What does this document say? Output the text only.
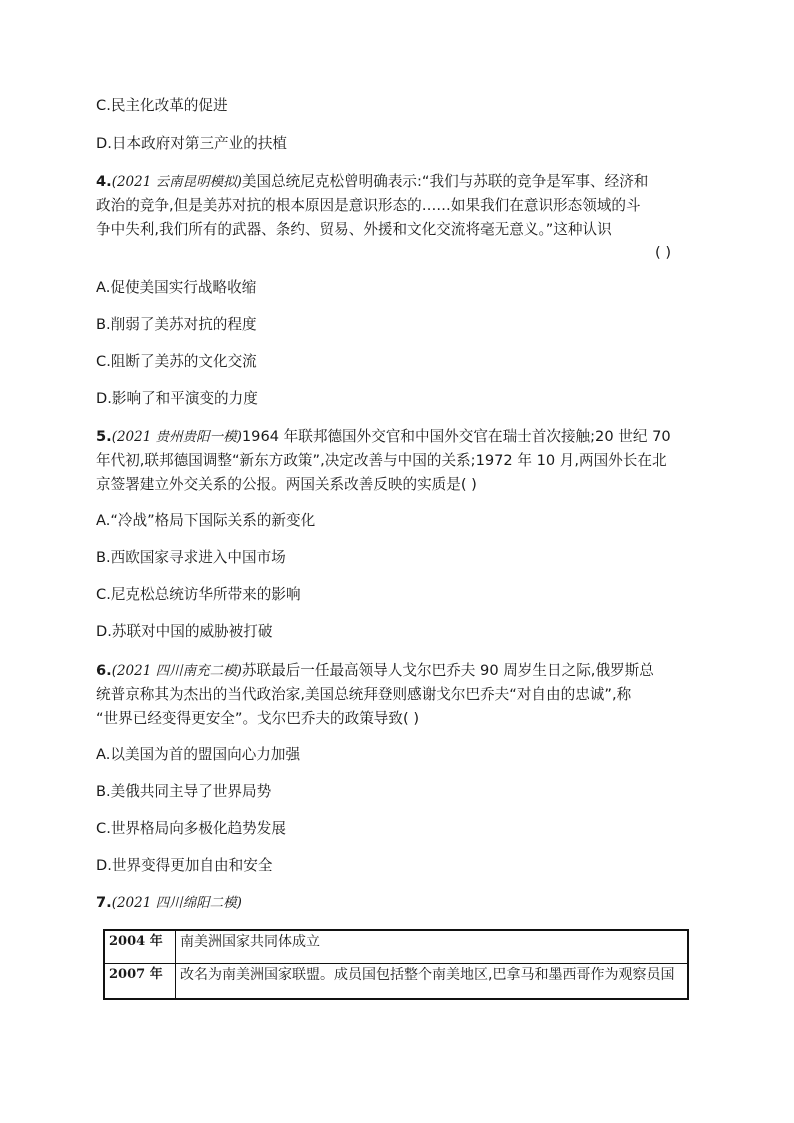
C.民主化改革的促进
D.日本政府对第三产业的扶植
4.(2021 云南昆明模拟)美国总统尼克松曾明确表示:“我们与苏联的竞争是军事、经济和
政治的竞争,但是美苏对抗的根本原因是意识形态的……如果我们在意识形态领域的斗
争中失利,我们所有的武器、条约、贸易、外援和文化交流将毫无意义。”这种认识
( )
A.促使美国实行战略收缩
B.削弱了美苏对抗的程度
C.阻断了美苏的文化交流
D.影响了和平演变的力度
5.(2021 贵州贵阳一模)1964 年联邦德国外交官和中国外交官在瑞士首次接触;20 世纪 70
年代初,联邦德国调整“新东方政策”,决定改善与中国的关系;1972 年 10 月,两国外长在北
京签署建立外交关系的公报。两国关系改善反映的实质是( )
A.“冷战”格局下国际关系的新变化
B.西欧国家寻求进入中国市场
C.尼克松总统访华所带来的影响
D.苏联对中国的威胁被打破
6.(2021 四川南充二模)苏联最后一任最高领导人戈尔巴乔夫 90 周岁生日之际,俄罗斯总
统普京称其为杰出的当代政治家,美国总统拜登则感谢戈尔巴乔夫“对自由的忠诚”,称
“世界已经变得更安全”。戈尔巴乔夫的政策导致( )
A.以美国为首的盟国向心力加强
B.美俄共同主导了世界局势
C.世界格局向多极化趋势发展
D.世界变得更加自由和安全
7.(2021 四川绵阳二模)
2004 年	南美洲国家共同体成立
2007 年	改名为南美洲国家联盟。成员国包括整个南美地区,巴拿马和墨西哥作为观察员国
